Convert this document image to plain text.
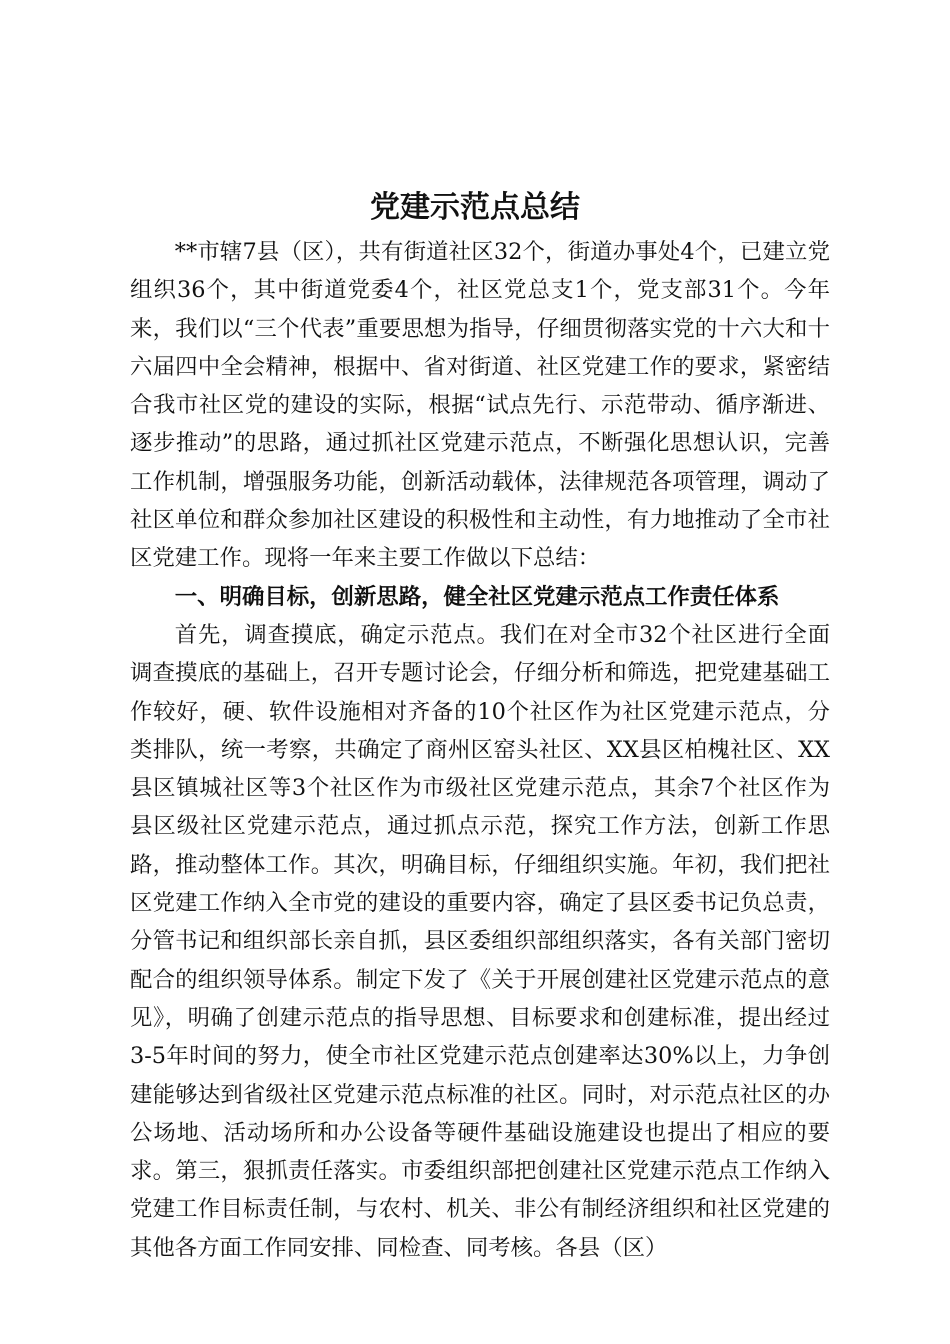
党建示范点总结

**市辖7县（区），共有街道社区32个，街道办事处4个，已建立党组织36个，其中街道党委4个，社区党总支1个，党支部31个。今年来，我们以“三个代表”重要思想为指导，仔细贯彻落实党的十六大和十六届四中全会精神，根据中、省对街道、社区党建工作的要求，紧密结合我市社区党的建设的实际，根据“试点先行、示范带动、循序渐进、逐步推动”的思路，通过抓社区党建示范点，不断强化思想认识，完善工作机制，增强服务功能，创新活动载体，法律规范各项管理，调动了社区单位和群众参加社区建设的积极性和主动性，有力地推动了全市社区党建工作。现将一年来主要工作做以下总结：

一、明确目标，创新思路，健全社区党建示范点工作责任体系

首先，调查摸底，确定示范点。我们在对全市32个社区进行全面调查摸底的基础上，召开专题讨论会，仔细分析和筛选，把党建基础工作较好，硬、软件设施相对齐备的10个社区作为社区党建示范点，分类排队，统一考察，共确定了商州区窑头社区、XX县区柏槐社区、XX县区镇城社区等3个社区作为市级社区党建示范点，其余7个社区作为县区级社区党建示范点，通过抓点示范，探究工作方法，创新工作思路，推动整体工作。其次，明确目标，仔细组织实施。年初，我们把社区党建工作纳入全市党的建设的重要内容，确定了县区委书记负总责，分管书记和组织部长亲自抓，县区委组织部组织落实，各有关部门密切配合的组织领导体系。制定下发了《关于开展创建社区党建示范点的意见》，明确了创建示范点的指导思想、目标要求和创建标准，提出经过3-5年时间的努力，使全市社区党建示范点创建率达30%以上，力争创建能够达到省级社区党建示范点标准的社区。同时，对示范点社区的办公场地、活动场所和办公设备等硬件基础设施建设也提出了相应的要求。第三，狠抓责任落实。市委组织部把创建社区党建示范点工作纳入党建工作目标责任制，与农村、机关、非公有制经济组织和社区党建的其他各方面工作同安排、同检查、同考核。各县（区）
